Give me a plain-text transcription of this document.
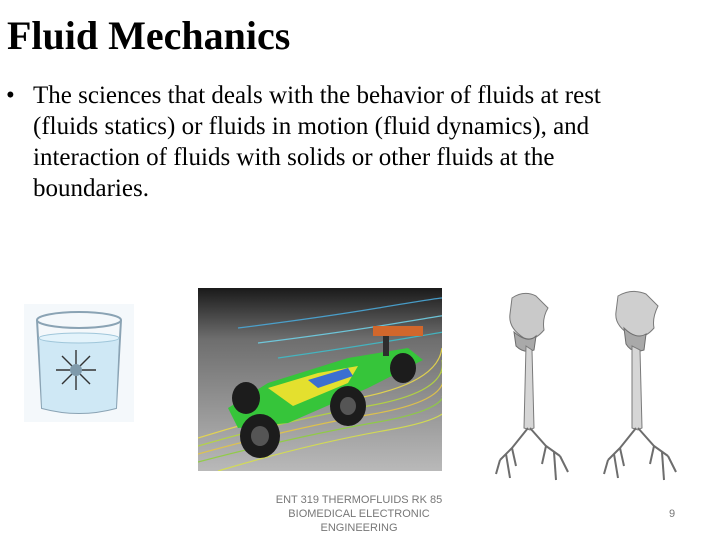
Fluid Mechanics
• The sciences that deals with the behavior of fluids at rest (fluids statics) or fluids in motion (fluid dynamics), and interaction of fluids with solids or other fluids at the boundaries.
ENT 319 THERMOFLUIDS RK 85
BIOMEDICAL ELECTRONIC
ENGINEERING
9
